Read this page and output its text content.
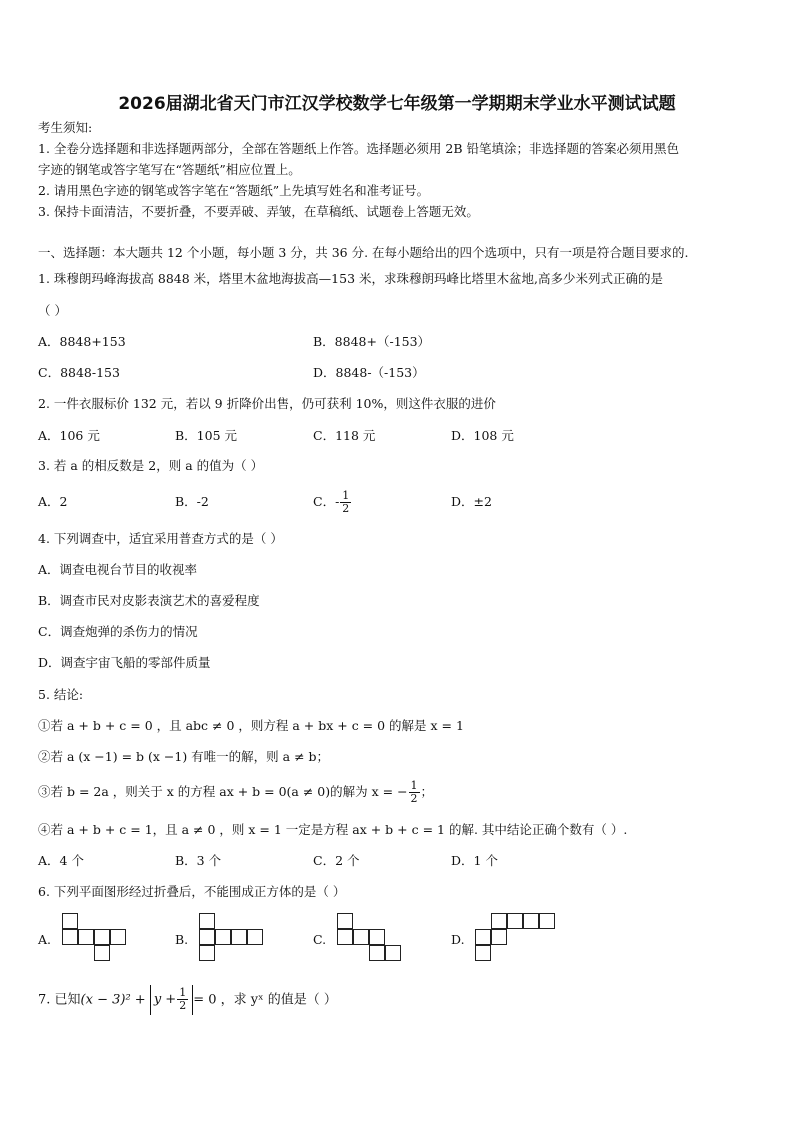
2026届湖北省天门市江汉学校数学七年级第一学期期末学业水平测试试题
考生须知:
1. 全卷分选择题和非选择题两部分，全部在答题纸上作答。选择题必须用 2B 铅笔填涂；非选择题的答案必须用黑色
字迹的钢笔或答字笔写在“答题纸”相应位置上。
2. 请用黑色字迹的钢笔或答字笔在“答题纸”上先填写姓名和准考证号。
3. 保持卡面清洁，不要折叠，不要弄破、弄皱，在草稿纸、试题卷上答题无效。
一、选择题：本大题共 12 个小题，每小题 3 分，共 36 分. 在每小题给出的四个选项中，只有一项是符合题目要求的.
1. 珠穆朗玛峰海拔高 8848 米，塔里木盆地海拔高—153 米，求珠穆朗玛峰比塔里木盆地,高多少米列式正确的是
（ ）
A．8848+153	B．8848+（-153）
C．8848-153	D．8848-（-153）
2. 一件衣服标价 132 元，若以 9 折降价出售，仍可获利 10%，则这件衣服的进价
A．106 元	B．105 元	C．118 元	D．108 元
3. 若 a 的相反数是 2，则 a 的值为（ ）
A．2	B．-2	C．- $\frac{1}{2}$	D．±2
4. 下列调查中，适宜采用普查方式的是（ ）
A．调查电视台节目的收视率
B．调查市民对皮影表演艺术的喜爱程度
C．调查炮弹的杀伤力的情况
D．调查宇宙飞船的零部件质量
5. 结论:
①若 a + b + c = 0 ，且 abc ≠ 0 ，则方程 a + bx + c = 0 的解是 x = 1
②若 a (x −1) = b (x −1) 有唯一的解，则 a ≠ b；
③若 b = 2a ，则关于 x 的方程 ax + b = 0(a ≠ 0)的解为 x = − $\frac{1}{2}$ ；
④若 a + b + c = 1，且 a ≠ 0 ，则 x = 1 一定是方程 ax + b + c = 1 的解. 其中结论正确个数有（ ）.
A．4 个	B．3 个	C．2 个	D．1 个
6. 下列平面图形经过折叠后，不能围成正方体的是（ ）
A.	B.	C.	D.
7. 已知$(x - 3)^2 + y + \frac{1}{2} = 0$ ，求 yˣ 的值是（ ）
